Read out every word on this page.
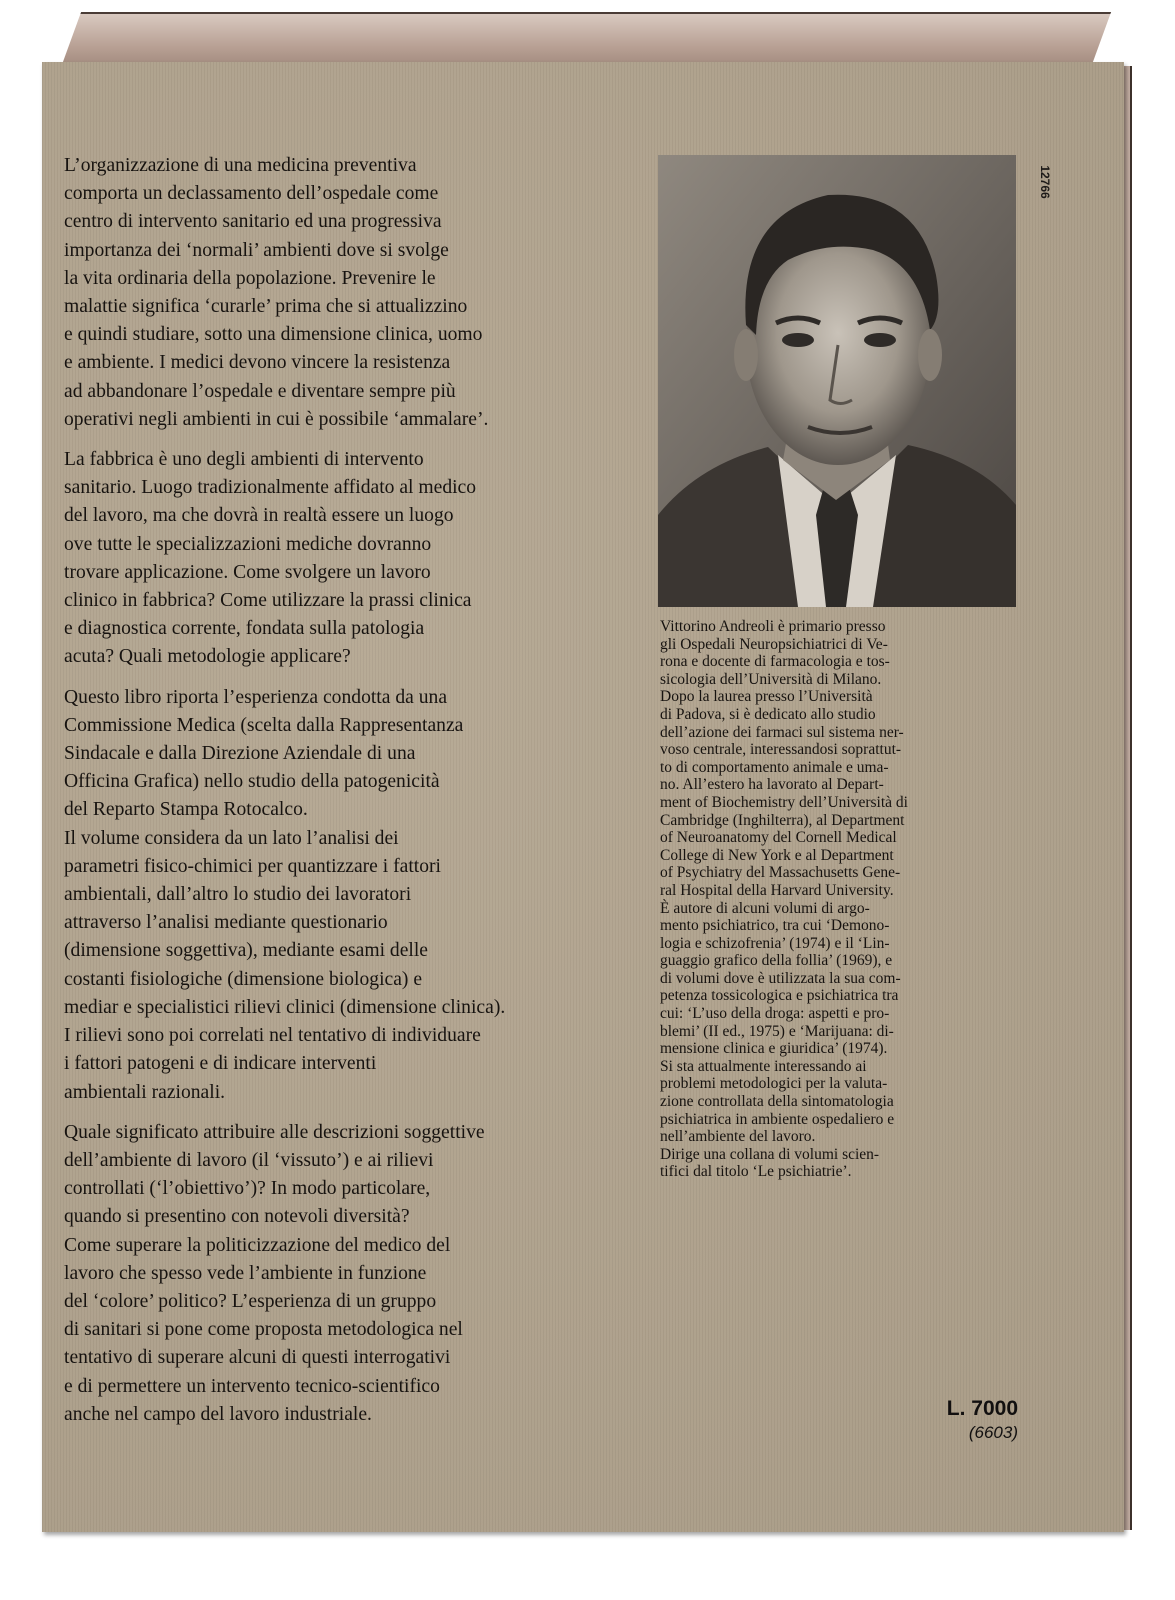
12766

L’organizzazione di una medicina preventiva

comporta un declassamento dell’ospedale come

centro di intervento sanitario ed una progressiva

importanza dei ‘normali’ ambienti dove si svolge

la vita ordinaria della popolazione. Prevenire le

malattie significa ‘curarle’ prima che si attualizzino

e quindi studiare, sotto una dimensione clinica, uomo

e ambiente. I medici devono vincere la resistenza

ad abbandonare l’ospedale e diventare sempre più

operativi negli ambienti in cui è possibile ‘ammalare’.

La fabbrica è uno degli ambienti di intervento

sanitario. Luogo tradizionalmente affidato al medico

del lavoro, ma che dovrà in realtà essere un luogo

ove tutte le specializzazioni mediche dovranno

trovare applicazione. Come svolgere un lavoro

clinico in fabbrica? Come utilizzare la prassi clinica

e diagnostica corrente, fondata sulla patologia

acuta? Quali metodologie applicare?

Questo libro riporta l’esperienza condotta da una

Commissione Medica (scelta dalla Rappresentanza

Sindacale e dalla Direzione Aziendale di una

Officina Grafica) nello studio della patogenicità

del Reparto Stampa Rotocalco.

Il volume considera da un lato l’analisi dei

parametri fisico-chimici per quantizzare i fattori

ambientali, dall’altro lo studio dei lavoratori

attraverso l’analisi mediante questionario

(dimensione soggettiva), mediante esami delle

costanti fisiologiche (dimensione biologica) e

mediar e specialistici rilievi clinici (dimensione clinica).

I rilievi sono poi correlati nel tentativo di individuare

i fattori patogeni e di indicare interventi

ambientali razionali.

Quale significato attribuire alle descrizioni soggettive

dell’ambiente di lavoro (il ‘vissuto’) e ai rilievi

controllati (‘l’obiettivo’)? In modo particolare,

quando si presentino con notevoli diversità?

Come superare la politicizzazione del medico del

lavoro che spesso vede l’ambiente in funzione

del ‘colore’ politico? L’esperienza di un gruppo

di sanitari si pone come proposta metodologica nel

tentativo di superare alcuni di questi interrogativi

e di permettere un intervento tecnico-scientifico

anche nel campo del lavoro industriale.

Vittorino Andreoli è primario presso

gli Ospedali Neuropsichiatrici di Ve-

rona e docente di farmacologia e tos-

sicologia dell’Università di Milano.

Dopo la laurea presso l’Università

di Padova, si è dedicato allo studio

dell’azione dei farmaci sul sistema ner-

voso centrale, interessandosi soprattut-

to di comportamento animale e uma-

no. All’estero ha lavorato al Depart-

ment of Biochemistry dell’Università di

Cambridge (Inghilterra), al Department

of Neuroanatomy del Cornell Medical

College di New York e al Department

of Psychiatry del Massachusetts Gene-

ral Hospital della Harvard University.

È autore di alcuni volumi di argo-

mento psichiatrico, tra cui ‘Demono-

logia e schizofrenia’ (1974) e il ‘Lin-

guaggio grafico della follia’ (1969), e

di volumi dove è utilizzata la sua com-

petenza tossicologica e psichiatrica tra

cui: ‘L’uso della droga: aspetti e pro-

blemi’ (II ed., 1975) e ‘Marijuana: di-

mensione clinica e giuridica’ (1974).

Si sta attualmente interessando ai

problemi metodologici per la valuta-

zione controllata della sintomatologia

psichiatrica in ambiente ospedaliero e

nell’ambiente del lavoro.

Dirige una collana di volumi scien-

tifici dal titolo ‘Le psichiatrie’.

L. 7000
(6603)
